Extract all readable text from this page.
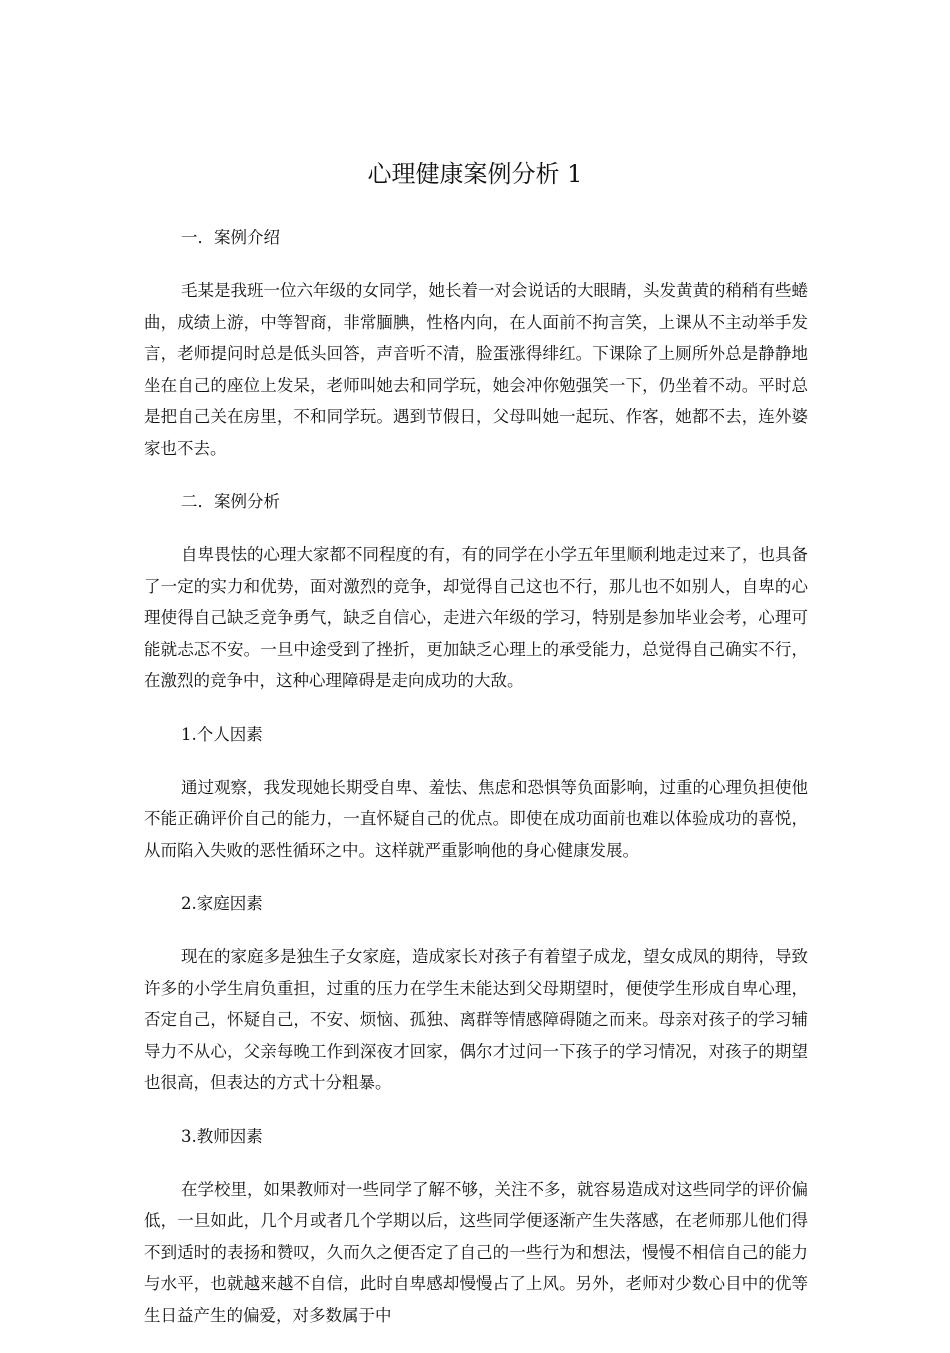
心理健康案例分析 1

一．案例介绍

毛某是我班一位六年级的女同学，她长着一对会说话的大眼睛，头发黄黄的稍稍有些蜷曲，成绩上游，中等智商，非常腼腆，性格内向，在人面前不拘言笑，上课从不主动举手发言，老师提问时总是低头回答，声音听不清，脸蛋涨得绯红。下课除了上厕所外总是静静地坐在自己的座位上发呆，老师叫她去和同学玩，她会冲你勉强笑一下，仍坐着不动。平时总是把自己关在房里，不和同学玩。遇到节假日，父母叫她一起玩、作客，她都不去，连外婆家也不去。

二．案例分析

自卑畏怯的心理大家都不同程度的有，有的同学在小学五年里顺利地走过来了，也具备了一定的实力和优势，面对激烈的竞争，却觉得自己这也不行，那儿也不如别人，自卑的心理使得自己缺乏竞争勇气，缺乏自信心，走进六年级的学习，特别是参加毕业会考，心理可能就忐忑不安。一旦中途受到了挫折，更加缺乏心理上的承受能力，总觉得自己确实不行，在激烈的竞争中，这种心理障碍是走向成功的大敌。

1.个人因素

通过观察，我发现她长期受自卑、羞怯、焦虑和恐惧等负面影响，过重的心理负担使他不能正确评价自己的能力，一直怀疑自己的优点。即使在成功面前也难以体验成功的喜悦，从而陷入失败的恶性循环之中。这样就严重影响他的身心健康发展。

2.家庭因素

现在的家庭多是独生子女家庭，造成家长对孩子有着望子成龙，望女成凤的期待，导致许多的小学生肩负重担，过重的压力在学生未能达到父母期望时，便使学生形成自卑心理，否定自己，怀疑自己，不安、烦恼、孤独、离群等情感障碍随之而来。母亲对孩子的学习辅导力不从心，父亲每晚工作到深夜才回家，偶尔才过问一下孩子的学习情况，对孩子的期望也很高，但表达的方式十分粗暴。

3.教师因素

在学校里，如果教师对一些同学了解不够，关注不多，就容易造成对这些同学的评价偏低，一旦如此，几个月或者几个学期以后，这些同学便逐渐产生失落感，在老师那儿他们得不到适时的表扬和赞叹，久而久之便否定了自己的一些行为和想法，慢慢不相信自己的能力与水平，也就越来越不自信，此时自卑感却慢慢占了上风。另外，老师对少数心目中的优等生日益产生的偏爱，对多数属于中
